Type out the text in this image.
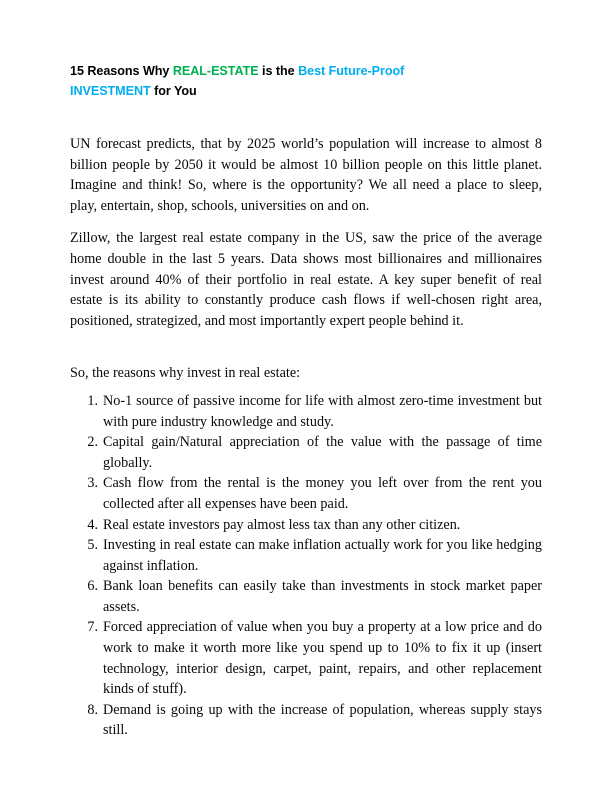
15 Reasons Why REAL-ESTATE is the Best Future-Proof INVESTMENT for You

UN forecast predicts, that by 2025 world’s population will increase to almost 8 billion people by 2050 it would be almost 10 billion people on this little planet. Imagine and think! So, where is the opportunity? We all need a place to sleep, play, entertain, shop, schools, universities on and on.

Zillow, the largest real estate company in the US, saw the price of the average home double in the last 5 years. Data shows most billionaires and millionaires invest around 40% of their portfolio in real estate. A key super benefit of real estate is its ability to constantly produce cash flows if well-chosen right area, positioned, strategized, and most importantly expert people behind it.

So, the reasons why invest in real estate:

No-1 source of passive income for life with almost zero-time investment but with pure industry knowledge and study.
Capital gain/Natural appreciation of the value with the passage of time globally.
Cash flow from the rental is the money you left over from the rent you collected after all expenses have been paid.
Real estate investors pay almost less tax than any other citizen.
Investing in real estate can make inflation actually work for you like hedging against inflation.
Bank loan benefits can easily take than investments in stock market paper assets.
Forced appreciation of value when you buy a property at a low price and do work to make it worth more like you spend up to 10% to fix it up (insert technology, interior design, carpet, paint, repairs, and other replacement kinds of stuff).
Demand is going up with the increase of population, whereas supply stays still.
